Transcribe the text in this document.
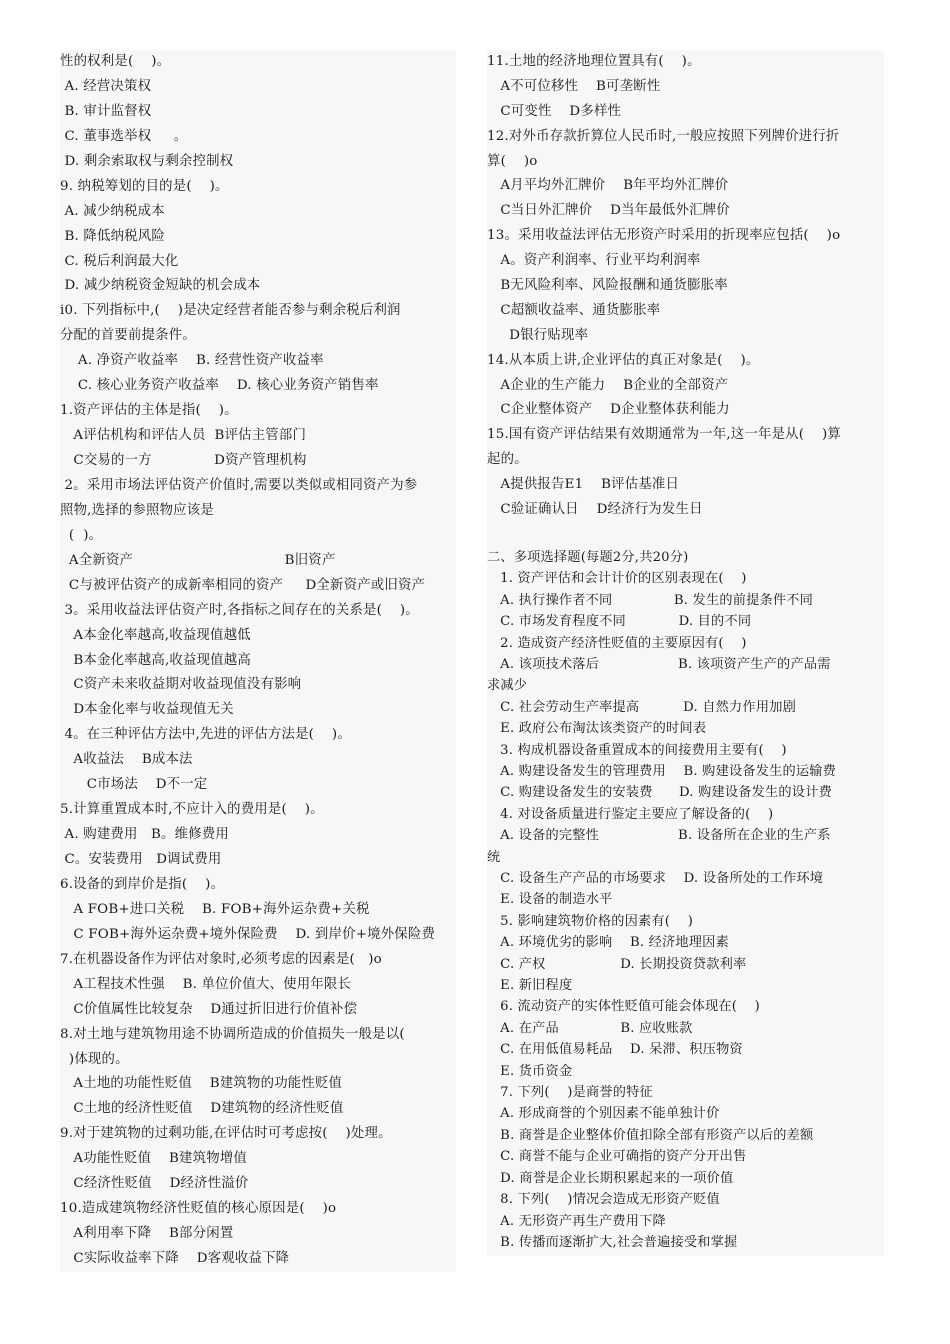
性的权利是(    )。
A. 经营决策权
B. 审计监督权
C. 董事选举权     。
D. 剩余索取权与剩余控制权
9. 纳税筹划的目的是(    )。
A. 减少纳税成本
B. 降低纳税风险
C. 税后利润最大化
D. 减少纳税资金短缺的机会成本
i0. 下列指标中,(    )是决定经营者能否参与剩余税后利润
分配的首要前提条件。
A. 净资产收益率    B. 经营性资产收益率
C. 核心业务资产收益率    D. 核心业务资产销售率
1.资产评估的主体是指(    )。
A评估机构和评估人员  B评估主管部门
C交易的一方              D资产管理机构
2。采用市场法评估资产价值时,需要以类似或相同资产为参
照物,选择的参照物应该是
(  )。
A全新资产                                  B旧资产
C与被评估资产的成新率相同的资产     D全新资产或旧资产
3。采用收益法评估资产时,各指标之间存在的关系是(    )。
A本金化率越高,收益现值越低
B本金化率越高,收益现值越高
C资产未来收益期对收益现值没有影响
D本金化率与收益现值无关
4。在三种评估方法中,先进的评估方法是(    )。
A收益法    B成本法
C市场法    D不一定
5.计算重置成本时,不应计入的费用是(    )。
A. 购建费用   B。维修费用
C。安装费用   D调试费用
6.设备的到岸价是指(    )。
A FOB+进口关税    B. FOB+海外运杂费+关税
C FOB+海外运杂费+境外保险费    D. 到岸价+境外保险费
7.在机器设备作为评估对象时,必须考虑的因素是(   )o
A工程技术性强    B. 单位价值大、使用年限长
C价值属性比较复杂    D通过折旧进行价值补偿
8.对土地与建筑物用途不协调所造成的价值损失一般是以(
)体现的。
A土地的功能性贬值    B建筑物的功能性贬值
C土地的经济性贬值    D建筑物的经济性贬值
9.对于建筑物的过剩功能,在评估时可考虑按(    )处理。
A功能性贬值    B建筑物增值
C经济性贬值    D经济性溢价
10.造成建筑物经济性贬值的核心原因是(    )o
A利用率下降    B部分闲置
C实际收益率下降    D客观收益下降
11.土地的经济地理位置具有(    )。
A不可位移性    B可垄断性
C可变性    D多样性
12.对外币存款折算位人民币时,一般应按照下列牌价进行折
算(    )o
A月平均外汇牌价    B年平均外汇牌价
C当日外汇牌价    D当年最低外汇牌价
13。采用收益法评估无形资产时采用的折现率应包括(    )o
A。资产利润率、行业平均利润率
B无风险利率、风险报酬和通货膨胀率
C超额收益率、通货膨胀率
D银行贴现率
14.从本质上讲,企业评估的真正对象是(    )。
A企业的生产能力    B企业的全部资产
C企业整体资产    D企业整体获利能力
15.国有资产评估结果有效期通常为一年,这一年是从(    )算
起的。
A提供报告E1    B评估基准日
C验证确认日    D经济行为发生日
二、多项选择题(每题2分,共20分)
1. 资产评估和会计计价的区别表现在(    )
A. 执行操作者不同              B. 发生的前提条件不同
C. 市场发育程度不同            D. 目的不同
2. 造成资产经济性贬值的主要原因有(    )
A. 该项技术落后                  B. 该项资产生产的产品需
求减少
C. 社会劳动生产率提高          D. 自然力作用加剧
E. 政府公布淘汰该类资产的时间表
3. 构成机器设备重置成本的间接费用主要有(    )
A. 购建设备发生的管理费用    B. 购建设备发生的运输费
C. 购建设备发生的安装费      D. 购建设备发生的设计费
4. 对设备质量进行鉴定主要应了解设备的(    )
A. 设备的完整性                  B. 设备所在企业的生产系
统
C. 设备生产产品的市场要求    D. 设备所处的工作环境
E. 设备的制造水平
5. 影响建筑物价格的因素有(    )
A. 环境优劣的影响    B. 经济地理因素
C. 产权                 D. 长期投资贷款利率
E. 新旧程度
6. 流动资产的实体性贬值可能会体现在(    )
A. 在产品              B. 应收账款
C. 在用低值易耗品    D. 呆滞、积压物资
E. 货币资金
7. 下列(    )是商誉的特征
A. 形成商誉的个别因素不能单独计价
B. 商誉是企业整体价值扣除全部有形资产以后的差额
C. 商誉不能与企业可确指的资产分开出售
D. 商誉是企业长期积累起来的一项价值
8. 下列(    )情况会造成无形资产贬值
A. 无形资产再生产费用下降
B. 传播而逐渐扩大,社会普遍接受和掌握
